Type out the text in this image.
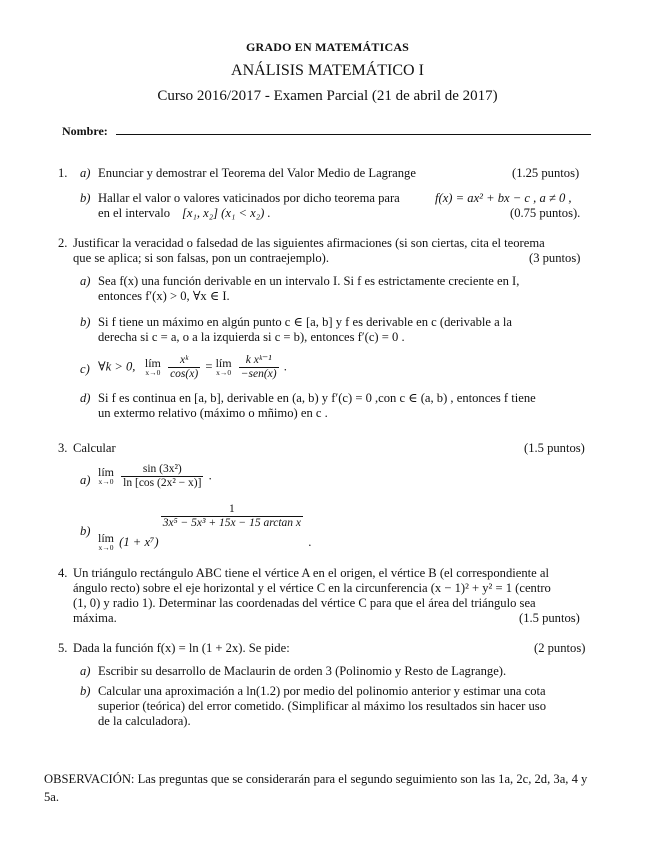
GRADO EN MATEMÁTICAS
ANÁLISIS MATEMÁTICO I
Curso 2016/2017 - Examen Parcial (21 de abril de 2017)
Nombre:
1. a) Enunciar y demostrar el Teorema del Valor Medio de Lagrange	(1.25 puntos)
b) Hallar el valor o valores vaticinados por dicho teorema para	f(x) = ax² + bx − c , a ≠ 0 ,
en el intervalo [x₁, x₂] (x₁ < x₂) .	(0.75 puntos).
2. Justificar la veracidad o falsedad de las siguientes afirmaciones (si son ciertas, cita el teorema
que se aplica; si son falsas, pon un contraejemplo).	(3 puntos)
a) Sea f(x) una función derivable en un intervalo I. Si f es estrictamente creciente en I,
entonces f′(x) > 0, ∀x ∈ I.
b) Si f tiene un máximo en algún punto c ∈ [a, b] y f es derivable en c (derivable a la
derecha si c = a, o a la izquierda si c = b), entonces f′(c) = 0 .
c) ∀k > 0, lím
x→0
$\frac{\text{xᵏ}}{\cos(x)}$ = lím
x→0
$\frac{\text{k xᵏ⁻¹}}{\text{−sen(x)}}$ .
d) Si f es continua en [a, b], derivable en (a, b) y f′(c) = 0 ,con c ∈ (a, b) , entonces f tiene
un extermo relativo (máximo o mñimo) en c .
3. Calcular	(1.5 puntos)
a)
lím
x→0
$\frac{\text{sin (3x²)}}{\text{ln [cos (2x² − x)]}}$ .
b) lím
x→0 (1 + x⁷)
$\frac{1}{\text{3x⁵ − 5x³ + 15x − 15 arctan x}}$
.
4. Un triángulo rectángulo ABC tiene el vértice A en el origen, el vértice B (el correspondiente al
ángulo recto) sobre el eje horizontal y el vértice C en la circunferencia (x − 1)² + y² = 1 (centro
(1, 0) y radio 1). Determinar las coordenadas del vértice C para que el área del triángulo sea
máxima.	(1.5 puntos)
5. Dada la función f(x) = ln (1 + 2x). Se pide:	(2 puntos)
a) Escribir su desarrollo de Maclaurin de orden 3 (Polinomio y Resto de Lagrange).
b) Calcular una aproximación a ln(1.2) por medio del polinomio anterior y estimar una cota
superior (teórica) del error cometido. (Simplificar al máximo los resultados sin hacer uso
de la calculadora).
OBSERVACIÓN: Las preguntas que se considerarán para el segundo seguimiento son las 1a, 2c, 2d, 3a, 4 y 5a.
